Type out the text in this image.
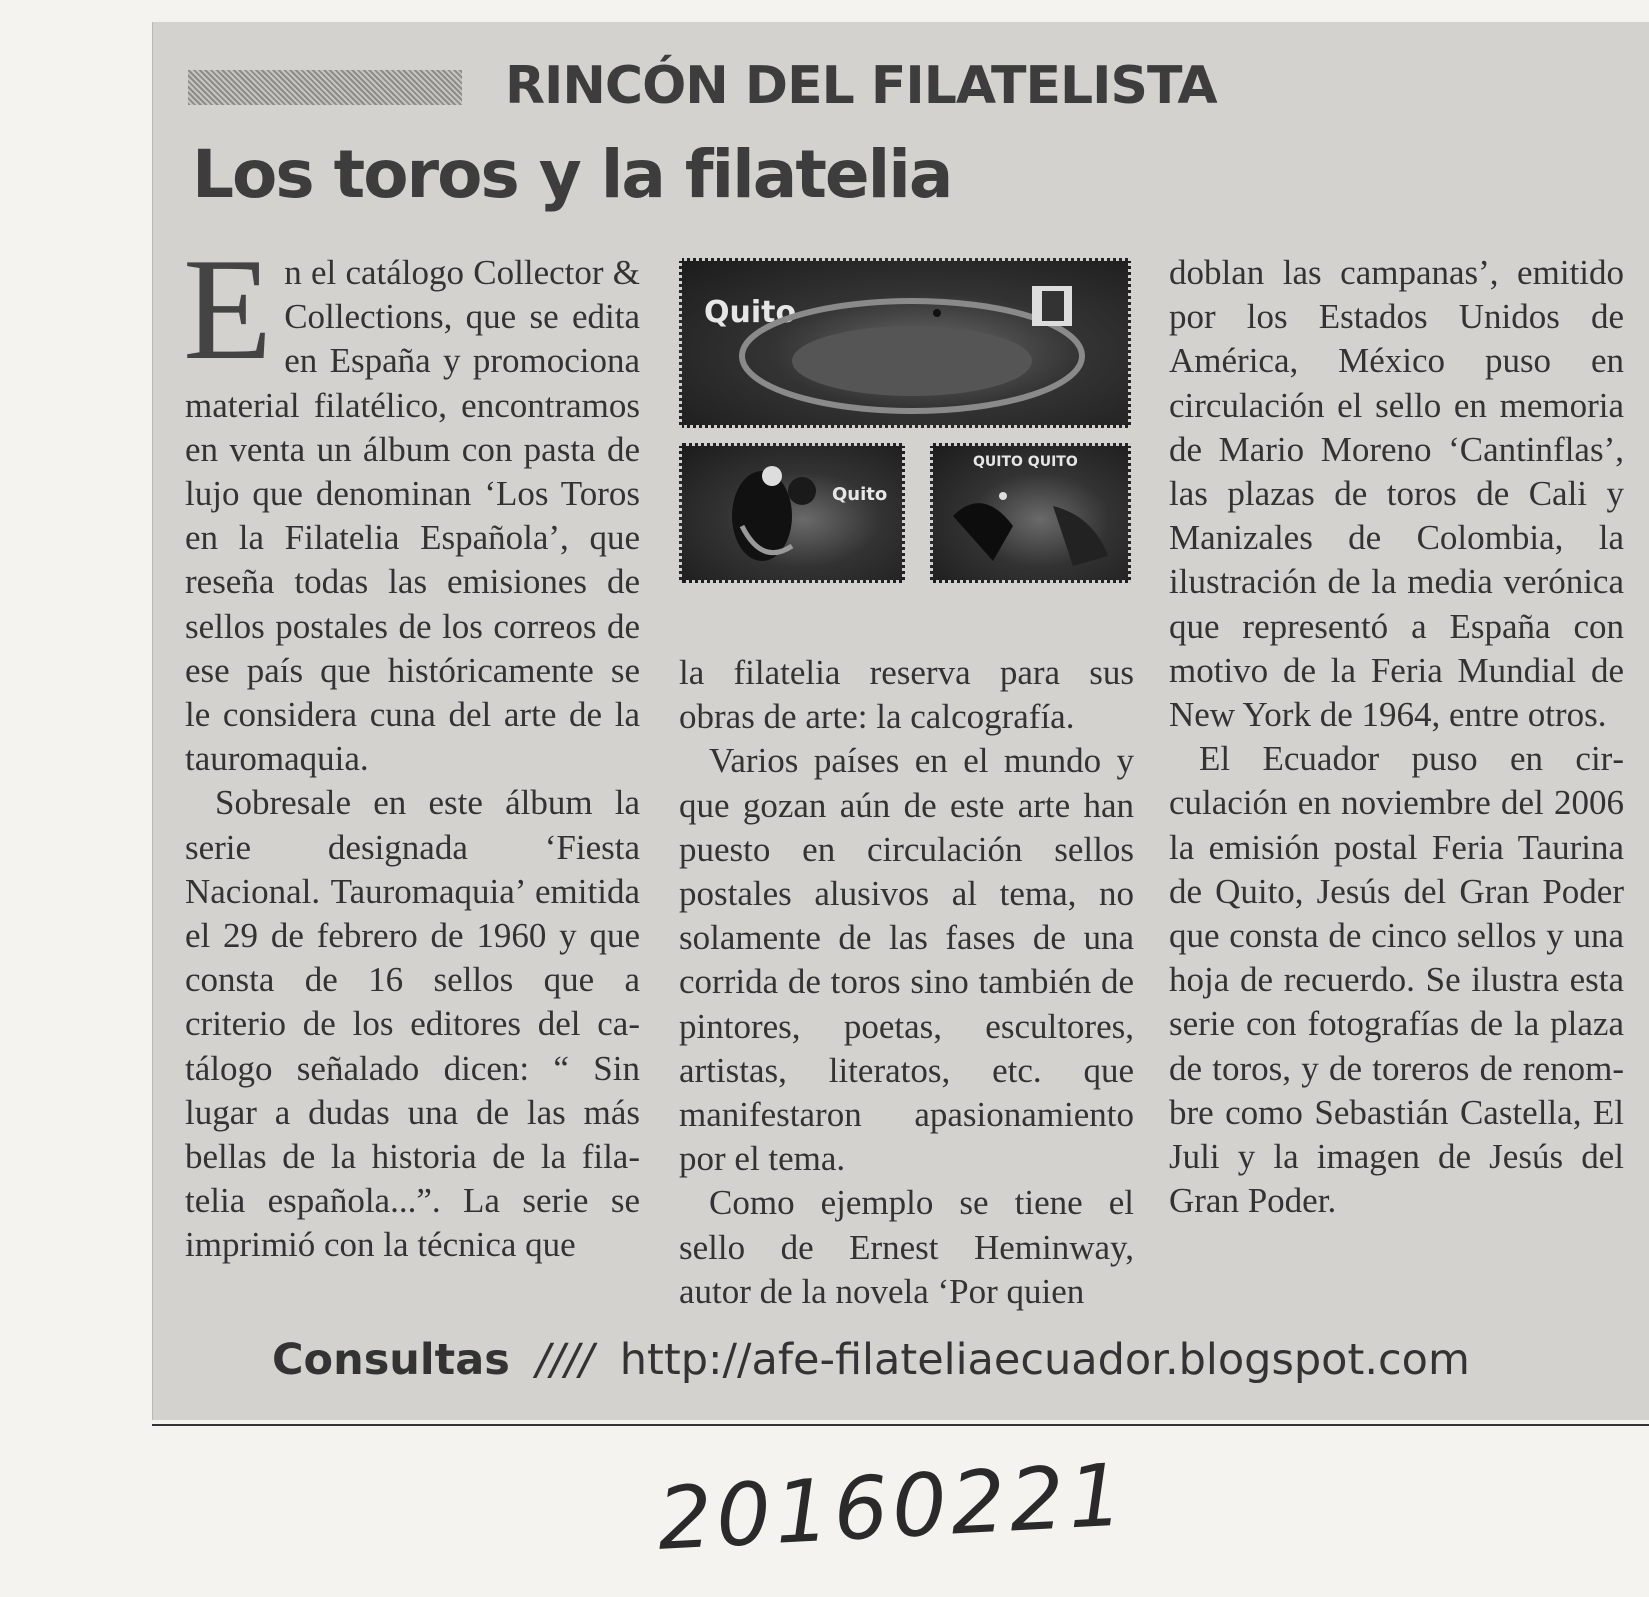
RINCÓN DEL FILATELISTA
Los toros y la filatelia

En el catálogo Collector & Collections, que se edita en España y promociona material filatélico, encontramos en venta un álbum con pasta de lujo que denominan ‘Los Toros en la Filatelia Española’, que reseña todas las emisiones de sellos postales de los correos de ese país que históricamente se le considera cuna del arte de la tauromaquia.

Sobresale en este álbum la serie designada ‘Fiesta Nacional. Tauromaquia’ emitida el 29 de febrero de 1960 y que consta de 16 sellos que a criterio de los editores del catálogo señalado dicen: “ Sin lugar a dudas una de las más bellas de la historia de la filatelia española...”. La serie se imprimió con la técnica que

Quito
Quito
QUITO QUITO

la filatelia reserva para sus obras de arte: la calcografía.

Varios países en el mundo y que gozan aún de este arte han puesto en circulación sellos postales alusivos al tema, no solamente de las fases de una corrida de toros sino también de pintores, poetas, escultores, artistas, literatos, etc. que manifestaron apasionamiento por el tema.

Como ejemplo se tiene el sello de Ernest Heminway, autor de la novela ‘Por quien

doblan las campanas’, emitido por los Estados Unidos de América, México puso en circulación el sello en memoria de Mario Moreno ‘Cantinflas’, las plazas de toros de Cali y Manizales de Colombia, la ilustración de la media verónica que representó a España con motivo de la Feria Mundial de New York de 1964, entre otros.

El Ecuador puso en circulación en noviembre del 2006 la emisión postal Feria Taurina de Quito, Jesús del Gran Poder que consta de cinco sellos y una hoja de recuerdo. Se ilustra esta serie con fotografías de la plaza de toros, y de toreros de renombre como Sebastián Castella, El Juli y la imagen de Jesús del Gran Poder.

Consultas //// http://afe-filateliaecuador.blogspot.com
20160221
